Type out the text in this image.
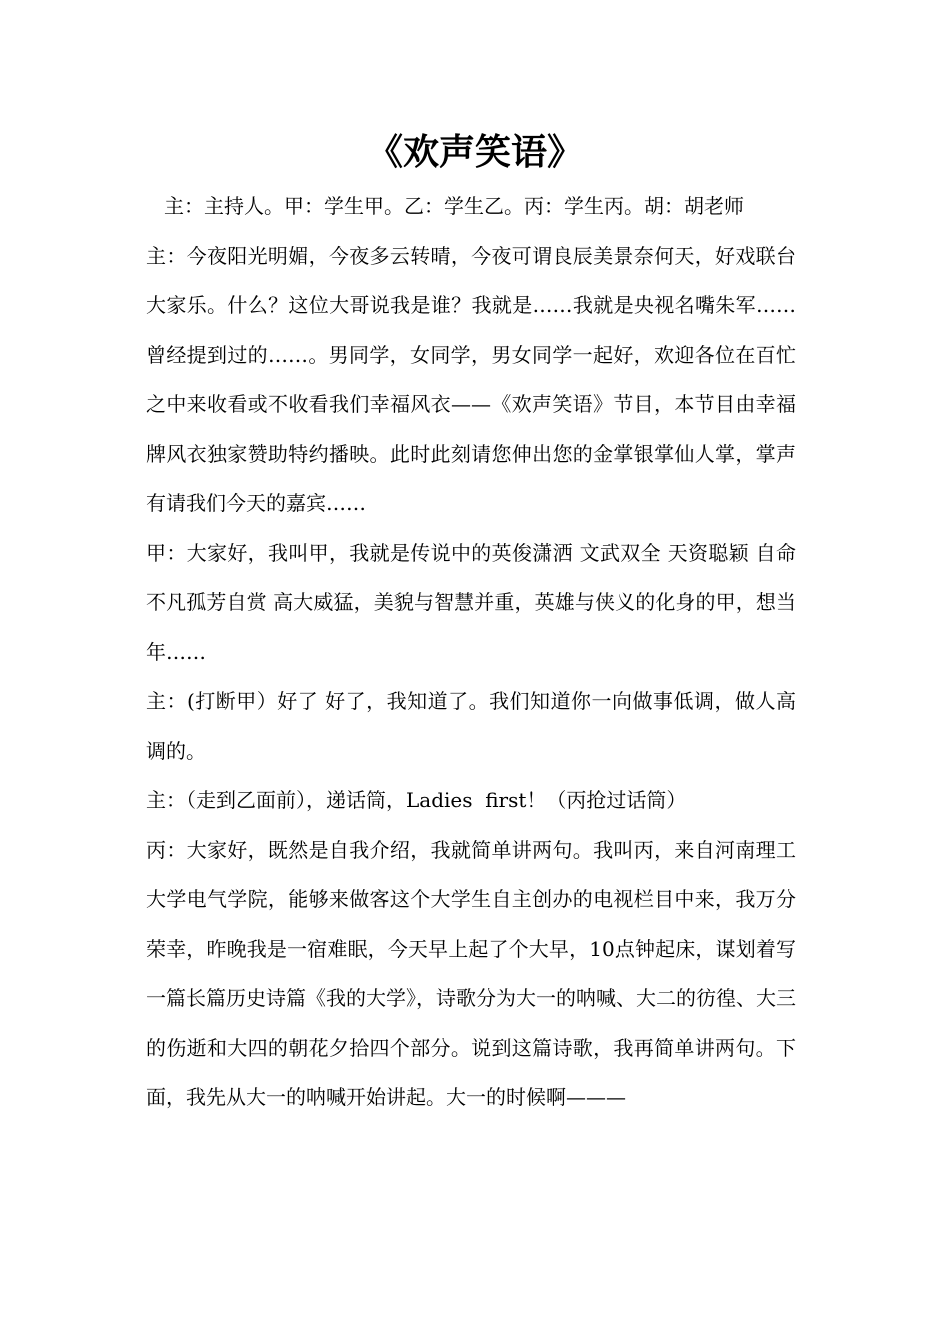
《欢声笑语》

主：主持人。甲：学生甲。乙：学生乙。丙：学生丙。胡：胡老师

主：今夜阳光明媚，今夜多云转晴，今夜可谓良辰美景奈何天，好戏联台大家乐。什么？这位大哥说我是谁？我就是……我就是央视名嘴朱军……曾经提到过的……。男同学，女同学，男女同学一起好，欢迎各位在百忙之中来收看或不收看我们幸福风衣——《欢声笑语》节目，本节目由幸福牌风衣独家赞助特约播映。此时此刻请您伸出您的金掌银掌仙人掌，掌声有请我们今天的嘉宾……

甲：大家好，我叫甲，我就是传说中的英俊潇洒 文武双全 天资聪颖 自命不凡孤芳自赏 高大威猛，美貌与智慧并重，英雄与侠义的化身的甲，想当年……

主：(打断甲）好了 好了，我知道了。我们知道你一向做事低调，做人高调的。

主：（走到乙面前），递话筒，Ladies  first！（丙抢过话筒）

丙：大家好，既然是自我介绍，我就简单讲两句。我叫丙，来自河南理工大学电气学院，能够来做客这个大学生自主创办的电视栏目中来，我万分荣幸，昨晚我是一宿难眠，今天早上起了个大早，10点钟起床，谋划着写一篇长篇历史诗篇《我的大学》，诗歌分为大一的呐喊、大二的彷徨、大三的伤逝和大四的朝花夕拾四个部分。说到这篇诗歌，我再简单讲两句。下面，我先从大一的呐喊开始讲起。大一的时候啊———
